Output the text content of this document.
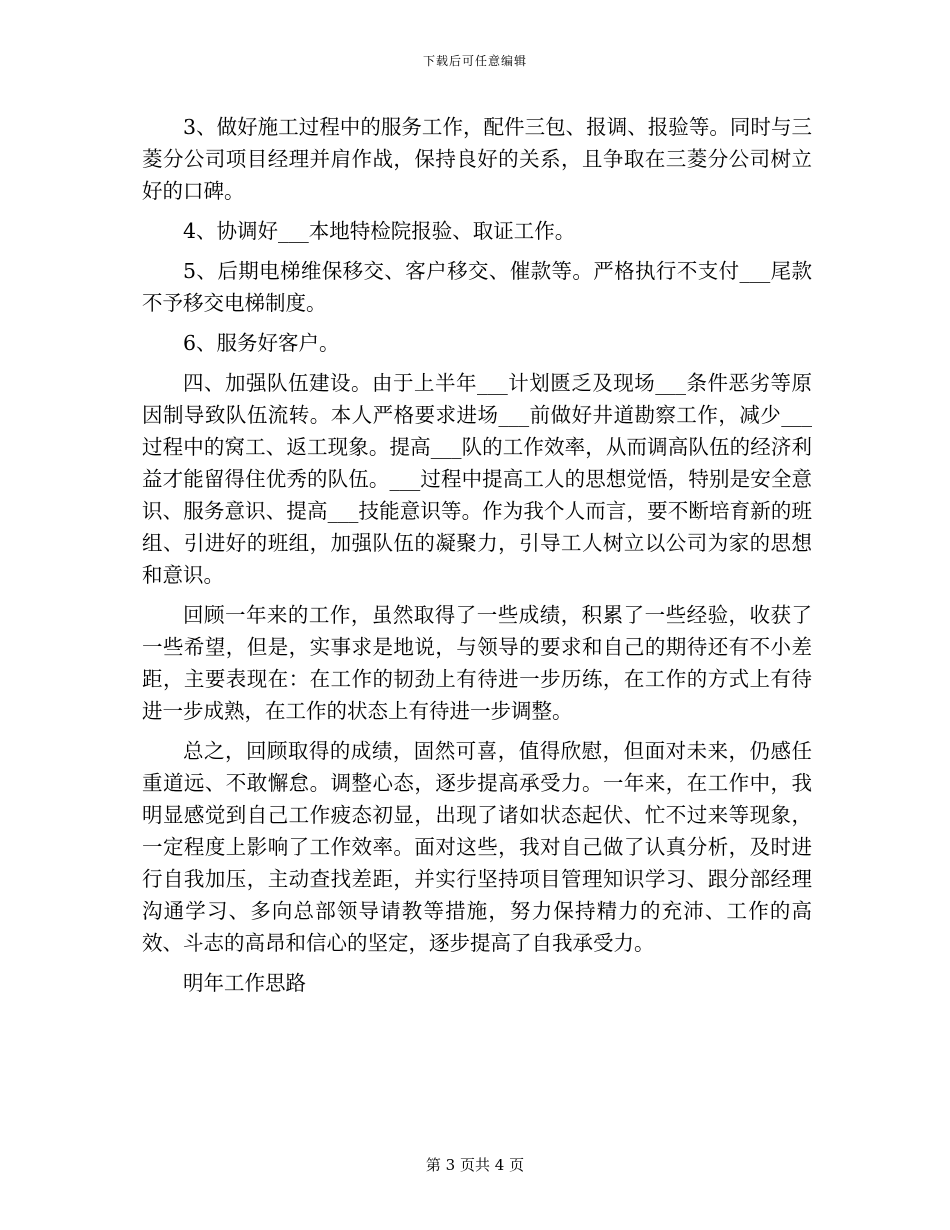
下载后可任意编辑

3、做好施工过程中的服务工作，配件三包、报调、报验等。同时与三菱分公司项目经理并肩作战，保持良好的关系，且争取在三菱分公司树立好的口碑。

4、协调好___本地特检院报验、取证工作。

5、后期电梯维保移交、客户移交、催款等。严格执行不支付___尾款不予移交电梯制度。

6、服务好客户。

四、加强队伍建设。由于上半年___计划匮乏及现场___条件恶劣等原因制导致队伍流转。本人严格要求进场___前做好井道勘察工作，减少___过程中的窝工、返工现象。提高___队的工作效率，从而调高队伍的经济利益才能留得住优秀的队伍。___过程中提高工人的思想觉悟，特别是安全意识、服务意识、提高___技能意识等。作为我个人而言，要不断培育新的班组、引进好的班组，加强队伍的凝聚力，引导工人树立以公司为家的思想和意识。

回顾一年来的工作，虽然取得了一些成绩，积累了一些经验，收获了一些希望，但是，实事求是地说，与领导的要求和自己的期待还有不小差距，主要表现在：在工作的韧劲上有待进一步历练，在工作的方式上有待进一步成熟，在工作的状态上有待进一步调整。

总之，回顾取得的成绩，固然可喜，值得欣慰，但面对未来，仍感任重道远、不敢懈怠。调整心态，逐步提高承受力。一年来，在工作中，我明显感觉到自己工作疲态初显，出现了诸如状态起伏、忙不过来等现象，一定程度上影响了工作效率。面对这些，我对自己做了认真分析，及时进行自我加压，主动查找差距，并实行坚持项目管理知识学习、跟分部经理沟通学习、多向总部领导请教等措施，努力保持精力的充沛、工作的高效、斗志的高昂和信心的坚定，逐步提高了自我承受力。

明年工作思路

第 3 页共 4 页
